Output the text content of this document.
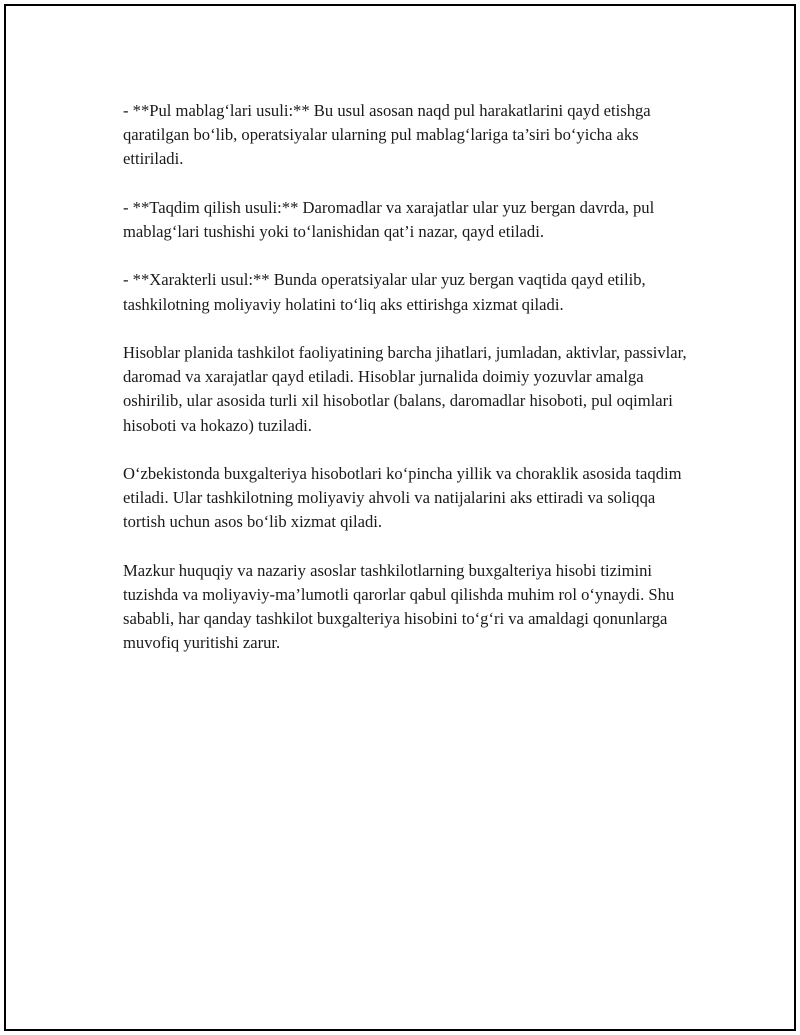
- **Pul mablag‘lari usuli:** Bu usul asosan naqd pul harakatlarini qayd etishga qaratilgan bo‘lib, operatsiyalar ularning pul mablag‘lariga ta’siri bo‘yicha aks ettiriladi.

- **Taqdim qilish usuli:** Daromadlar va xarajatlar ular yuz bergan davrda, pul mablag‘lari tushishi yoki to‘lanishidan qat’i nazar, qayd etiladi.

- **Xarakterli usul:** Bunda operatsiyalar ular yuz bergan vaqtida qayd etilib, tashkilotning moliyaviy holatini to‘liq aks ettirishga xizmat qiladi.

Hisoblar planida tashkilot faoliyatining barcha jihatlari, jumladan, aktivlar, passivlar, daromad va xarajatlar qayd etiladi. Hisoblar jurnalida doimiy yozuvlar amalga oshirilib, ular asosida turli xil hisobotlar (balans, daromadlar hisoboti, pul oqimlari hisoboti va hokazo) tuziladi.

O‘zbekistonda buxgalteriya hisobotlari ko‘pincha yillik va choraklik asosida taqdim etiladi. Ular tashkilotning moliyaviy ahvoli va natijalarini aks ettiradi va soliqqa tortish uchun asos bo‘lib xizmat qiladi.

Mazkur huquqiy va nazariy asoslar tashkilotlarning buxgalteriya hisobi tizimini tuzishda va moliyaviy-ma’lumotli qarorlar qabul qilishda muhim rol o‘ynaydi. Shu sababli, har qanday tashkilot buxgalteriya hisobini to‘g‘ri va amaldagi qonunlarga muvofiq yuritishi zarur.
